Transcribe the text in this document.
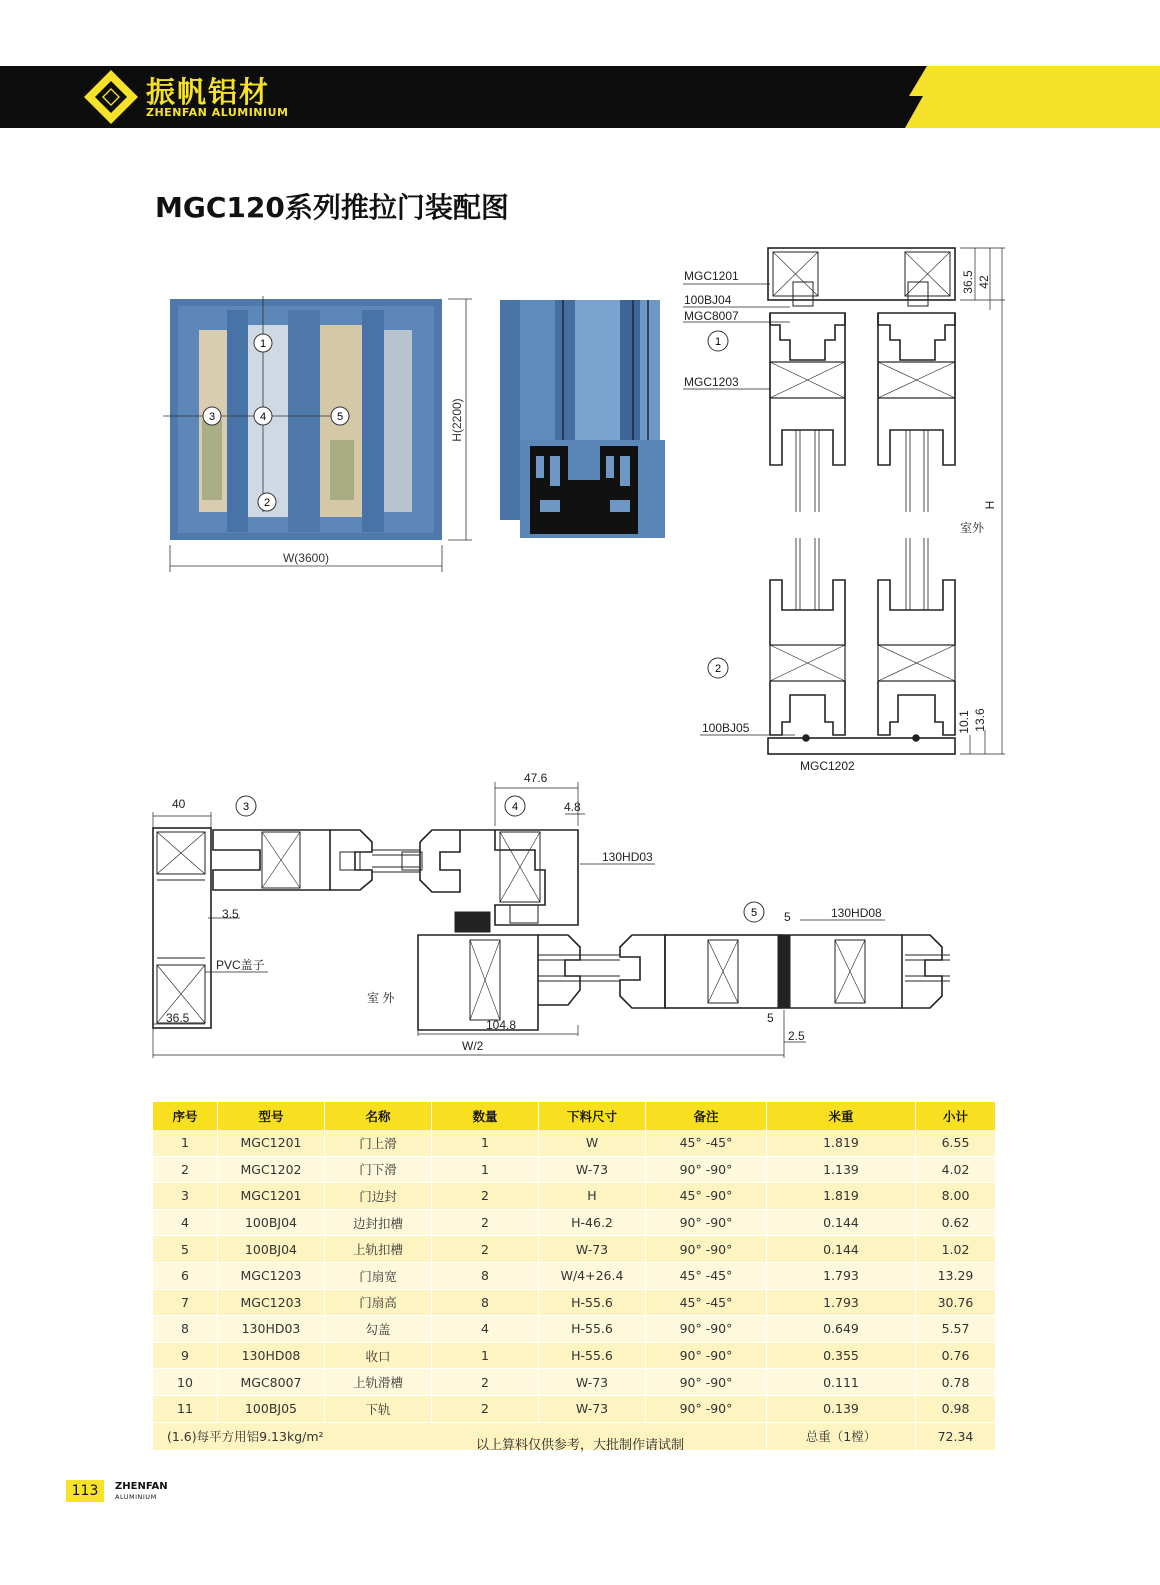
振帆铝材
ZHENFAN ALUMINIUM
MGC120系列推拉门装配图
1
2
3	4	5
W(3600)
H(2200)
MGC1201
100BJ04
MGC8007
MGC1203
100BJ05
MGC1202
36.5 42
H
室外
10.1 13.6
1
2
40
47.6
4.8
3.5
36.5	104.8
W/2
5
5
2.5
130HD03
130HD08
PVC盖子
室 外
3	4
5
序号	型号	名称	数量	下料尺寸	备注	米重	小计
1	MGC1201	门上滑	1	W	45° -45°	1.819	6.55
2	MGC1202	门下滑	1	W-73	90° -90°	1.139	4.02
3	MGC1201	门边封	2	H	45° -90°	1.819	8.00
4	100BJ04	边封扣槽	2	H-46.2	90° -90°	0.144	0.62
5	100BJ04	上轨扣槽	2	W-73	90° -90°	0.144	1.02
6	MGC1203	门扇宽	8	W/4+26.4	45° -45°	1.793	13.29
7	MGC1203	门扇高	8	H-55.6	45° -45°	1.793	30.76
8	130HD03	勾盖	4	H-55.6	90° -90°	0.649	5.57
9	130HD08	收口	1	H-55.6	90° -90°	0.355	0.76
10	MGC8007	上轨滑槽	2	W-73	90° -90°	0.111	0.78
11	100BJ05	下轨	2	W-73	90° -90°	0.139	0.98
(1.6)每平方用铝9.13kg/m²						总重（1樘）	72.34
以上算料仅供参考，大批制作请试制
113	ZHENFAN
ALUMINIUM
